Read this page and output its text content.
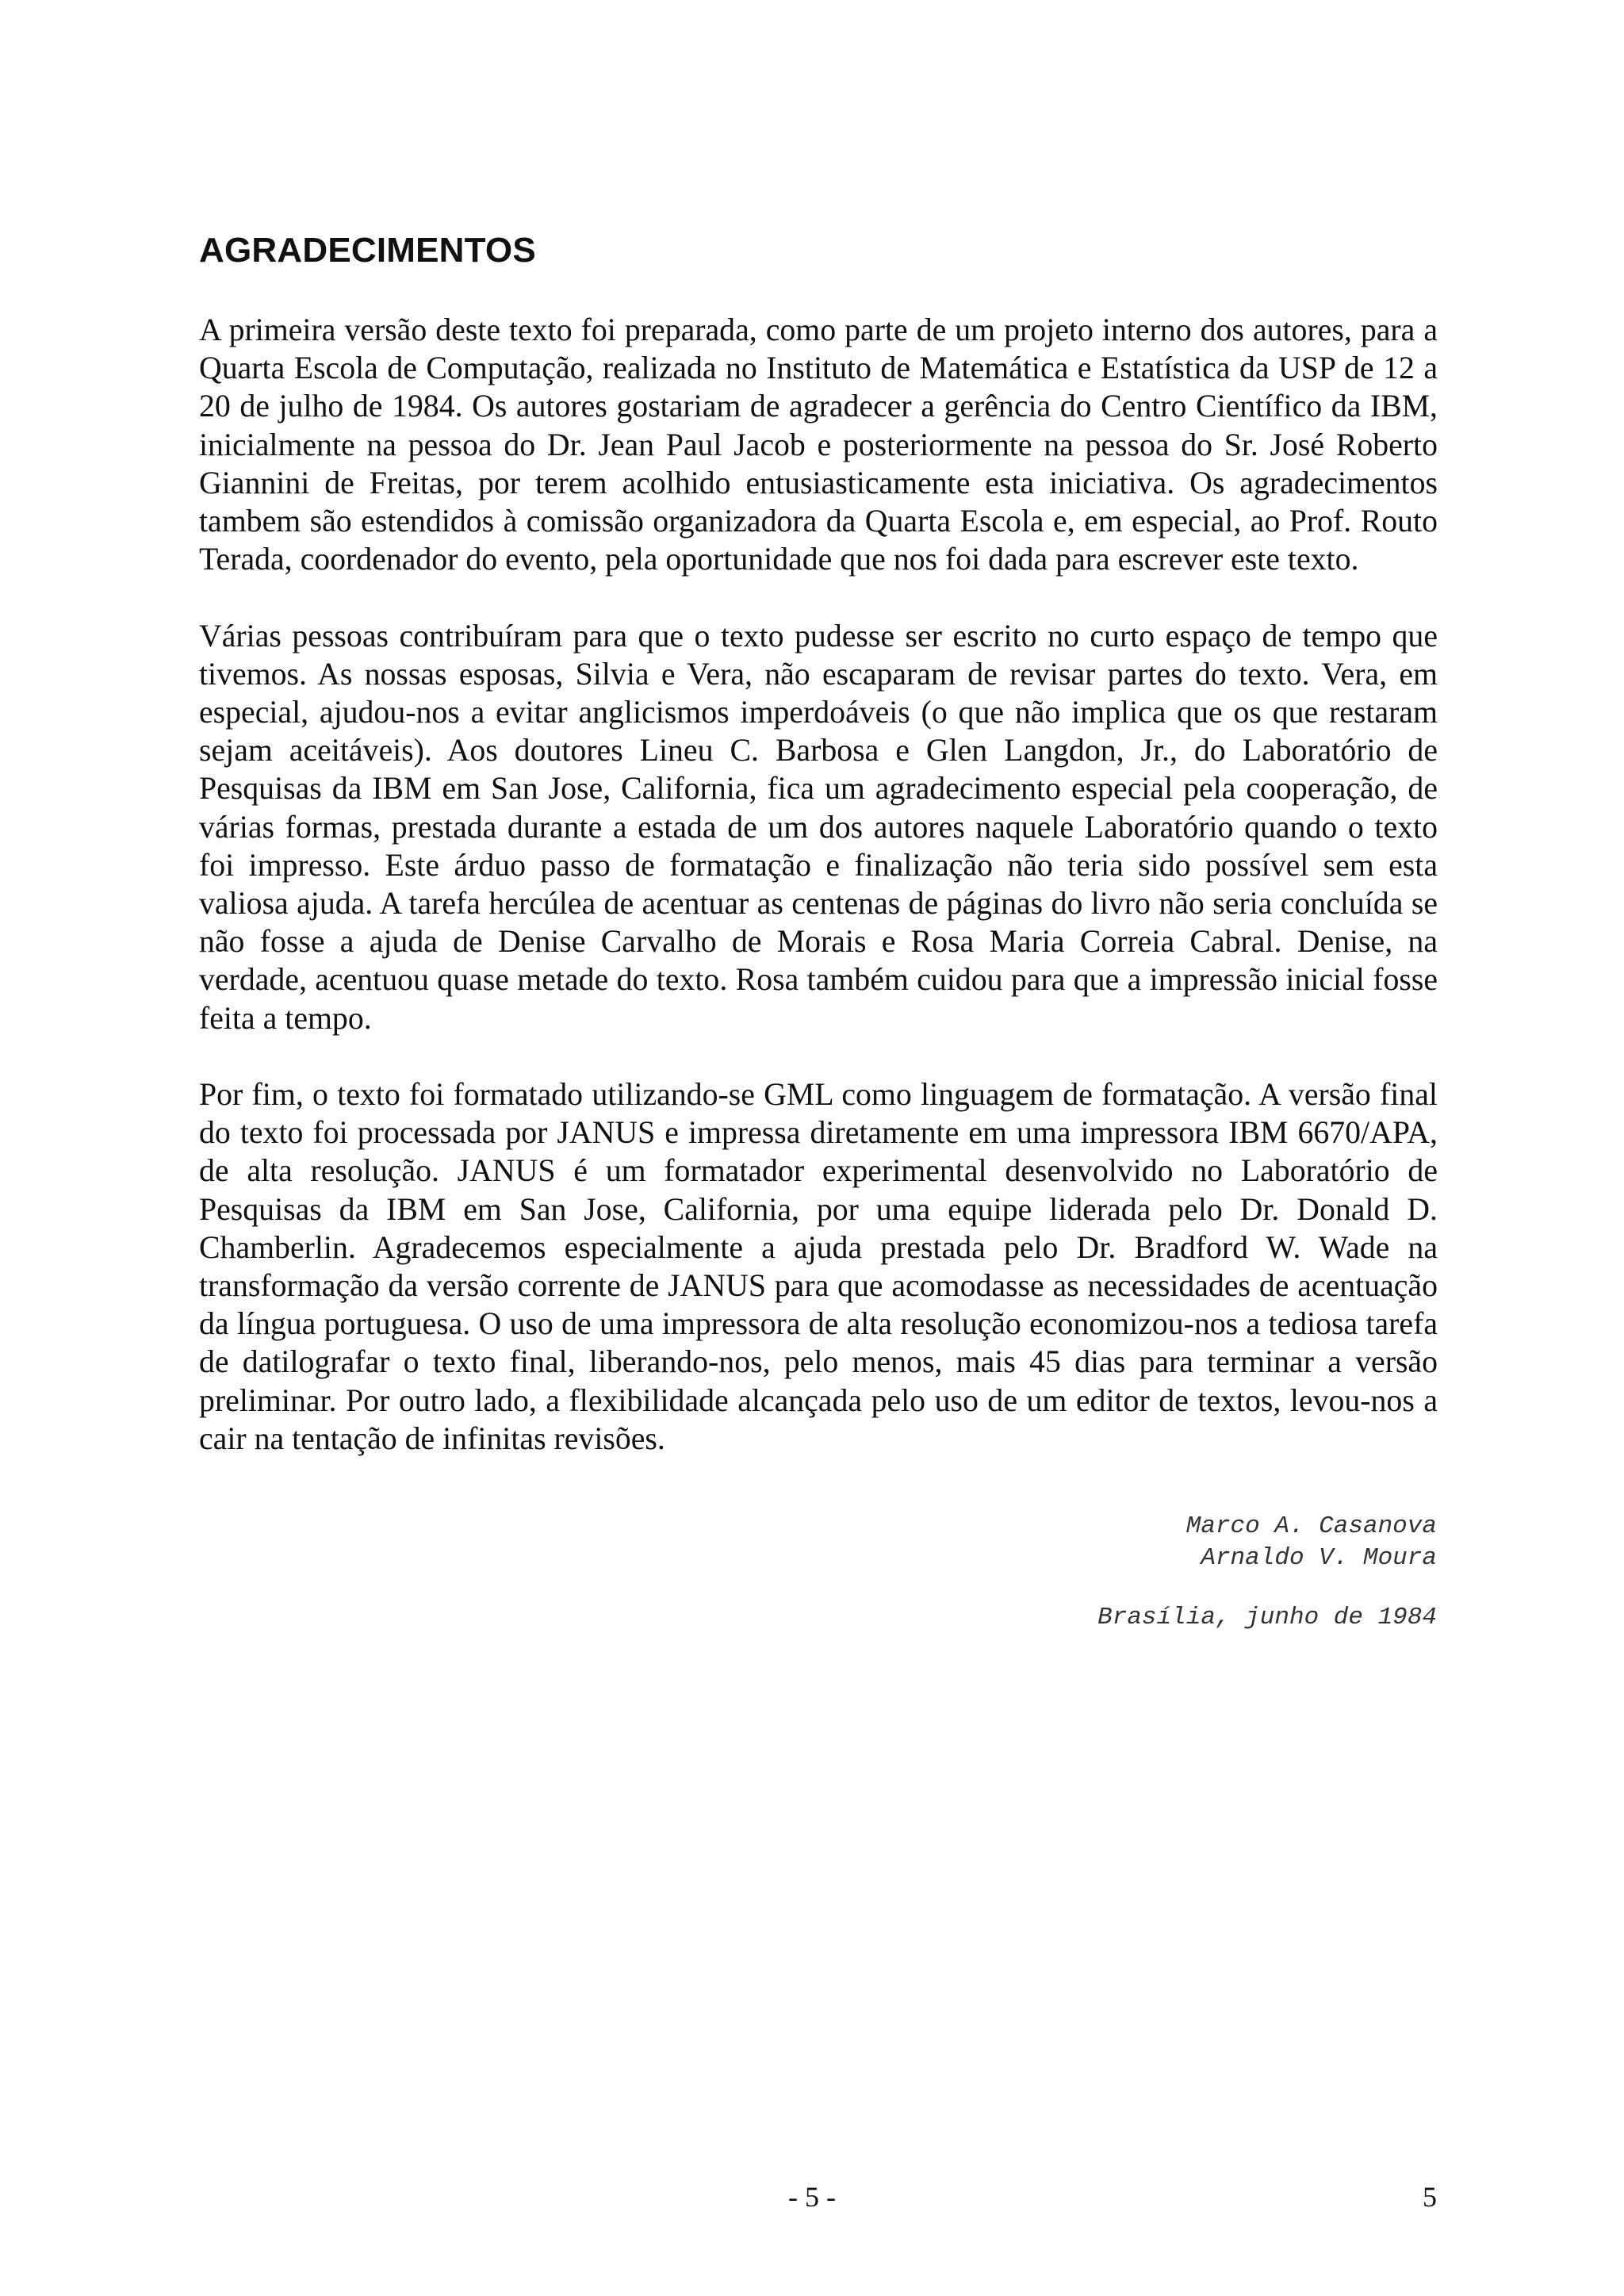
AGRADECIMENTOS

A primeira versão deste texto foi preparada, como parte de um projeto interno dos autores, para a Quarta Escola de Computação, realizada no Instituto de Matemática e Estatística da USP de 12 a 20 de julho de 1984. Os autores gostariam de agradecer a gerência do Centro Científico da IBM, inicialmente na pessoa do Dr. Jean Paul Jacob e posteriormente na pessoa do Sr. José Roberto Giannini de Freitas, por terem acolhido entusiasticamente esta iniciativa. Os agradecimentos tambem são estendidos à comissão organizadora da Quarta Escola e, em especial, ao Prof. Routo Terada, coordenador do evento, pela oportunidade que nos foi dada para escrever este texto.

Várias pessoas contribuíram para que o texto pudesse ser escrito no curto espaço de tempo que tivemos. As nossas esposas, Silvia e Vera, não escaparam de revisar partes do texto. Vera, em especial, ajudou-nos a evitar anglicismos imperdoáveis (o que não implica que os que restaram sejam aceitáveis). Aos doutores Lineu C. Barbosa e Glen Langdon, Jr., do Laboratório de Pesquisas da IBM em San Jose, California, fica um agradecimento especial pela cooperação, de várias formas, prestada durante a estada de um dos autores naquele Laboratório quando o texto foi impresso. Este árduo passo de formatação e finalização não teria sido possível sem esta valiosa ajuda. A tarefa hercúlea de acentuar as centenas de páginas do livro não seria concluída se não fosse a ajuda de Denise Carvalho de Morais e Rosa Maria Correia Cabral. Denise, na verdade, acentuou quase metade do texto. Rosa também cuidou para que a impressão inicial fosse feita a tempo.

Por fim, o texto foi formatado utilizando-se GML como linguagem de formatação. A versão final do texto foi processada por JANUS e impressa diretamente em uma impressora IBM 6670/APA, de alta resolução. JANUS é um formatador experimental desenvolvido no Laboratório de Pesquisas da IBM em San Jose, California, por uma equipe liderada pelo Dr. Donald D. Chamberlin. Agradecemos especialmente a ajuda prestada pelo Dr. Bradford W. Wade na transformação da versão corrente de JANUS para que acomodasse as necessidades de acentuação da língua portuguesa. O uso de uma impressora de alta resolução economizou-nos a tediosa tarefa de datilografar o texto final, liberando-nos, pelo menos, mais 45 dias para terminar a versão preliminar. Por outro lado, a flexibilidade alcançada pelo uso de um editor de textos, levou-nos a cair na tentação de infinitas revisões.

Marco A. Casanova
Arnaldo V. Moura
Brasília, junho de 1984
- 5 -	5
